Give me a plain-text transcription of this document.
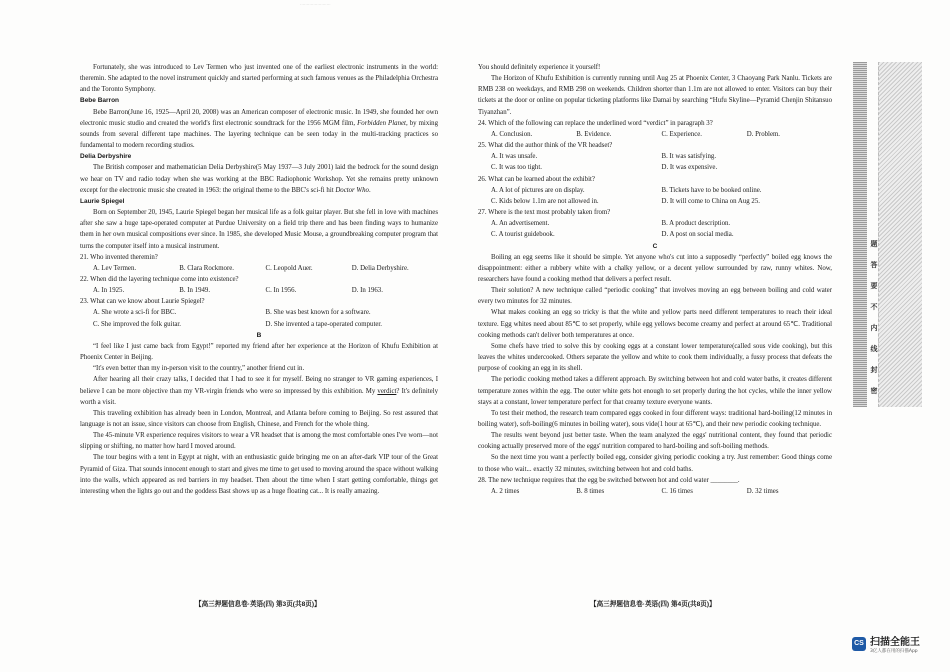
·······················

Fortunately, she was introduced to Lev Termen who just invented one of the earliest electronic instruments in the world: theremin. She adapted to the novel instrument quickly and started performing at such famous venues as the Philadelphia Orchestra and the Toronto Symphony.

Bebe Barron

Bebe Barron(June 16, 1925—April 20, 2008) was an American composer of electronic music. In 1949, she founded her own electronic music studio and created the world's first electronic soundtrack for the 1956 MGM film, Forbidden Planet, by mixing sounds from several different tape machines. The layering technique can be seen today in the multi-tracking practices so fundamental to modern recording studios.

Delia Derbyshire

The British composer and mathematician Delia Derbyshire(5 May 1937—3 July 2001) laid the bedrock for the sound design we hear on TV and radio today when she was working at the BBC Radiophonic Workshop. Yet she remains pretty unknown except for the electronic music she created in 1963: the original theme to the BBC's sci-fi hit Doctor Who.

Laurie Spiegel

Born on September 20, 1945, Laurie Spiegel began her musical life as a folk guitar player. But she fell in love with machines after she saw a huge tape-operated computer at Purdue University on a field trip there and has been finding ways to humanize them in her own musical compositions ever since. In 1985, she developed Music Mouse, a groundbreaking computer program that turns the computer itself into a musical instrument.

21. Who invented theremin?

A. Lev Termen.	B. Clara Rockmore.	C. Leopold Auer.	D. Delia Derbyshire.

22. When did the layering technique come into existence?

A. In 1925.	B. In 1949.	C. In 1956.	D. In 1963.

23. What can we know about Laurie Spiegel?

A. She wrote a sci-fi for BBC.	B. She was best known for a software.
C. She improved the folk guitar.	D. She invented a tape-operated computer.

B

“I feel like I just came back from Egypt!” reported my friend after her experience at the Horizon of Khufu Exhibition at Phoenix Center in Beijing.

“It's even better than my in-person visit to the country,” another friend cut in.

After hearing all their crazy talks, I decided that I had to see it for myself. Being no stranger to VR gaming experiences, I believe I can be more objective than my VR-virgin friends who were so impressed by this exhibition. My verdict? It's definitely worth a visit.

This traveling exhibition has already been in London, Montreal, and Atlanta before coming to Beijing. So rest assured that language is not an issue, since visitors can choose from English, Chinese, and French for the whole thing.

The 45-minute VR experience requires visitors to wear a VR headset that is among the most comfortable ones I've worn—not slipping or shifting, no matter how hard I moved around.

The tour begins with a tent in Egypt at night, with an enthusiastic guide bringing me on an after-dark VIP tour of the Great Pyramid of Giza. That sounds innocent enough to start and gives me time to get used to moving around the space without walking into the walls, which appeared as red barriers in my headset. Then about the time when I start getting comfortable, things get interesting when the lights go out and the goddess Bast shows up as a huge floating cat... It is really amazing.

You should definitely experience it yourself!

The Horizon of Khufu Exhibition is currently running until Aug 25 at Phoenix Center, 3 Chaoyang Park Nanlu. Tickets are RMB 238 on weekdays, and RMB 298 on weekends. Children shorter than 1.1m are not allowed to enter. Visitors can buy their tickets at the door or online on popular ticketing platforms like Damai by searching “Hufu Skyline—Pyramid Chenjin Shitansuo Tiyanzhan”.

24. Which of the following can replace the underlined word “verdict” in paragraph 3?

A. Conclusion.	B. Evidence.	C. Experience.	D. Problem.

25. What did the author think of the VR headset?

A. It was unsafe.	B. It was satisfying.
C. It was too tight.	D. It was expensive.

26. What can be learned about the exhibit?

A. A lot of pictures are on display.	B. Tickets have to be booked online.
C. Kids below 1.1m are not allowed in.	D. It will come to China on Aug 25.

27. Where is the text most probably taken from?

A. An advertisement.	B. A product description.
C. A tourist guidebook.	D. A post on social media.

C

Boiling an egg seems like it should be simple. Yet anyone who's cut into a supposedly “perfectly” boiled egg knows the disappointment: either a rubbery white with a chalky yellow, or a decent yellow surrounded by raw, runny whites. Now, researchers have found a cooking method that delivers a perfect result.

Their solution? A new technique called “periodic cooking” that involves moving an egg between boiling and cold water every two minutes for 32 minutes.

What makes cooking an egg so tricky is that the white and yellow parts need different temperatures to reach their ideal texture. Egg whites need about 85℃ to set properly, while egg yellows become creamy and perfect at around 65℃. Traditional cooking methods can't deliver both temperatures at once.

Some chefs have tried to solve this by cooking eggs at a constant lower temperature(called sous vide cooking), but this leaves the whites undercooked. Others separate the yellow and white to cook them individually, a fussy process that defeats the purpose of cooking an egg in its shell.

The periodic cooking method takes a different approach. By switching between hot and cold water baths, it creates different temperature zones within the egg. The outer white gets hot enough to set properly during the hot cycles, while the inner yellow stays at a constant, lower temperature perfect for that creamy texture everyone wants.

To test their method, the research team compared eggs cooked in four different ways: traditional hard-boiling(12 minutes in boiling water), soft-boiling(6 minutes in boiling water), sous vide(1 hour at 65℃), and their new periodic cooking technique.

The results went beyond just better taste. When the team analyzed the eggs' nutritional content, they found that periodic cooking actually preserved more of the eggs' nutrition compared to hard-boiling and soft-boiling methods.

So the next time you want a perfectly boiled egg, consider giving periodic cooking a try. Just remember: Good things come to those who wait... exactly 32 minutes, switching between hot and cold baths.

28. The new technique requires that the egg be switched between hot and cold water ________.

A. 2 times	B. 8 times	C. 16 times	D. 32 times
【高三押题信息卷·英语(四) 第3页(共8页)】	【高三押题信息卷·英语(四) 第4页(共8页)】
题
答
要
不
内
线
封
密
CS 扫描全能王
3亿人都在用的扫描App
